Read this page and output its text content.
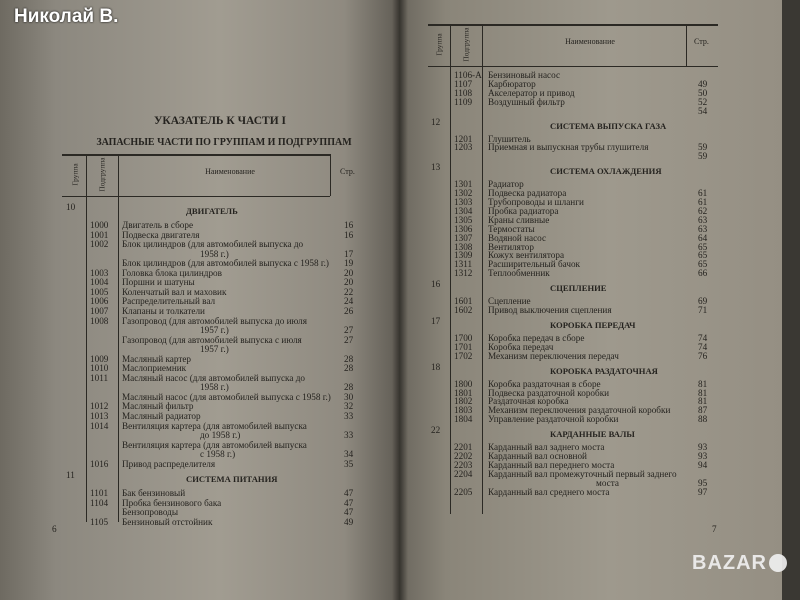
УКАЗАТЕЛЬ К ЧАСТИ I
ЗАПАСНЫЕ ЧАСТИ ПО ГРУППАМ И ПОДГРУППАМ
Группа Подгруппа	Наименование	Стр.
10	ДВИГАТЕЛЬ
1000 Двигатель в сборе	16
1001 Подвеска двигателя	16
1002 Блок цилиндров (для автомобилей выпуска до
1958 г.)	17
Блок цилиндров (для автомобилей выпуска с 1958 г.) 19
1003 Головка блока цилиндров	20
1004 Поршни и шатуны	20
1005 Коленчатый вал и маховик	22
1006 Распределительный вал	24
1007 Клапаны и толкатели	26
1008 Газопровод (для автомобилей выпуска до июля
1957 г.)	27
Газопровод (для автомобилей выпуска с июля	27
1957 г.)
1009 Масляный картер	28
1010 Маслоприемник	28
1011 Масляный насос (для автомобилей выпуска до
1958 г.)	28
Масляный насос (для автомобилей выпуска с 1958 г.) 30
1012 Масляный фильтр	32
1013 Масляный радиатор	33
1014 Вентиляция картера (для автомобилей выпуска
до 1958 г.)	33
Вентиляция картера (для автомобилей выпуска
с 1958 г.)	34
1016 Привод распределителя	35
11	СИСТЕМА ПИТАНИЯ
1101 Бак бензиновый	47
1104 Пробка бензинового бака	47
Бензопроводы	47
1105 Бензиновый отстойник	49
6
Группа Подгруппа	Наименование	Стр.
1106-А Бензиновый насос
1107 Карбюратор	49
1108 Акселератор и привод	50
1109 Воздушный фильтр	52
54
12	СИСТЕМА ВЫПУСКА ГАЗА
1201 Глушитель
1203 Приемная и выпускная трубы глушителя	59
59
13	СИСТЕМА ОХЛАЖДЕНИЯ
1301 Радиатор
1302 Подвеска радиатора	61
1303 Трубопроводы и шланги	61
1304 Пробка радиатора	62
1305 Краны сливные	63
1306 Термостаты	63
1307 Водяной насос	64
1308 Вентилятор	65
1309 Кожух вентилятора	65
1311 Расширительный бачок	65
1312 Теплообменник	66
16	СЦЕПЛЕНИЕ
1601 Сцепление	69
1602 Привод выключения сцепления	71
17	КОРОБКА ПЕРЕДАЧ
1700 Коробка передач в сборе	74
1701 Коробка передач	74
1702 Механизм переключения передач	76
18	КОРОБКА РАЗДАТОЧНАЯ
1800 Коробка раздаточная в сборе	81
1801 Подвеска раздаточной коробки	81
1802 Раздаточная коробка	81
1803 Механизм переключения раздаточной коробки	87
1804 Управление раздаточной коробки	88
22	КАРДАННЫЕ ВАЛЫ
2201 Карданный вал заднего моста	93
2202 Карданный вал основной	93
2203 Карданный вал переднего моста	94
2204 Карданный вал промежуточный первый заднего
моста	95
2205 Карданный вал среднего моста	97
7
Николай В.
BAZAR
